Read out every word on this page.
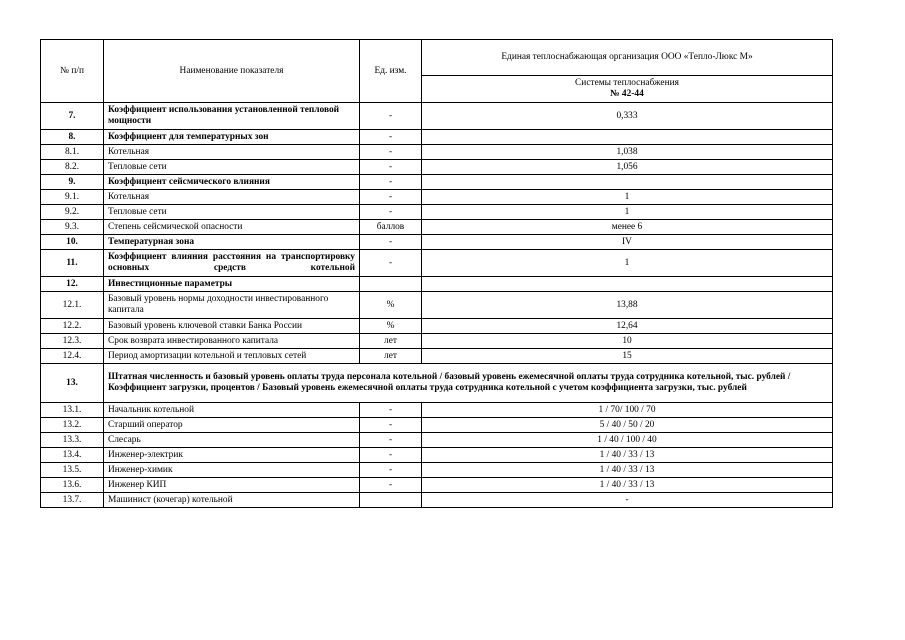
№ п/п	Наименование показателя	Ед. изм.	Единая теплоснабжающая организация ООО «Тепло-Люкс М»

			Системы теплоснабжения
№ 42-44

7.	Коэффициент использования установленной тепловой мощности	-	0,333
8.	Коэффициент для температурных зон	-	
8.1.	Котельная	-	1,038
8.2.	Тепловые сети	-	1,056
9.	Коэффициент сейсмического влияния	-	
9.1.	Котельная	-	1
9.2.	Тепловые сети	-	1
9.3.	Степень сейсмической опасности	баллов	менее 6
10.	Температурная зона	-	IV
11.	Коэффициент влияния расстояния на транспортировку основных средств котельной	-	1
12.	Инвестиционные параметры		
12.1.	Базовый уровень нормы доходности инвестированного капитала	%	13,88
12.2.	Базовый уровень ключевой ставки Банка России	%	12,64
12.3.	Срок возврата инвестированного капитала	лет	10
12.4.	Период амортизации котельной и тепловых сетей	лет	15
13.	Штатная численность и базовый уровень оплаты труда персонала котельной / базовый уровень ежемесячной оплаты труда сотрудника котельной, тыс. рублей / Коэффициент загрузки, процентов / Базовый уровень ежемесячной оплаты труда сотрудника котельной с учетом коэффициента загрузки, тыс. рублей		
13.1.	Начальник котельной	-	1 / 70/ 100 / 70
13.2.	Старший оператор	-	5 / 40 / 50 / 20
13.3.	Слесарь	-	1 / 40 / 100 / 40
13.4.	Инженер-электрик	-	1 / 40 / 33 / 13
13.5.	Инженер-химик	-	1 / 40 / 33 / 13
13.6.	Инженер КИП	-	1 / 40 / 33 / 13
13.7.	Машинист (кочегар) котельной		-
